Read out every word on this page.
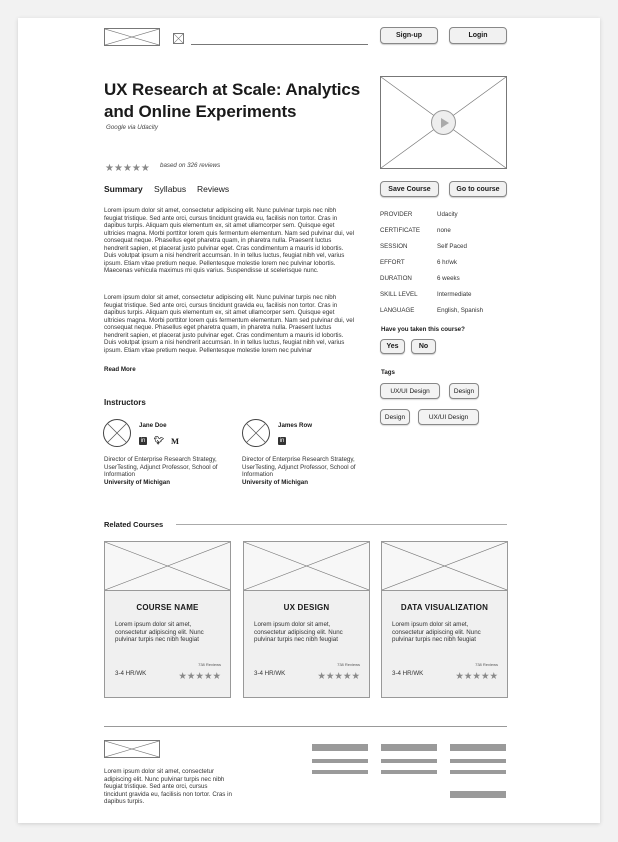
Sign-up	Login
UX Research at Scale: Analytics
and Online Experiments
Google via Udacity
★★★★★ based on 326 reviews
Summary Syllabus Reviews
Lorem ipsum dolor sit amet, consectetur adipiscing elit. Nunc pulvinar turpis nec nibh feugiat tristique. Sed ante orci, cursus tincidunt gravida eu, facilisis non tortor. Cras in dapibus turpis. Aliquam quis elementum ex, sit amet ullamcorper sem. Quisque eget ultricies magna. Morbi porttitor lorem quis fermentum elementum. Nam sed pulvinar dui, vel consequat neque. Phasellus eget pharetra quam, in pharetra nulla. Praesent luctus hendrerit sapien, et placerat justo pulvinar eget. Cras condimentum a mauris id lobortis. Duis volutpat ipsum a nisi hendrerit accumsan. In in tellus luctus, feugiat nibh vel, varius ipsum. Etiam vitae pretium neque. Pellentesque molestie lorem nec pulvinar lobortis. Maecenas vehicula maximus mi quis varius. Suspendisse ut scelerisque nunc.
Lorem ipsum dolor sit amet, consectetur adipiscing elit. Nunc pulvinar turpis nec nibh feugiat tristique. Sed ante orci, cursus tincidunt gravida eu, facilisis non tortor. Cras in dapibus turpis. Aliquam quis elementum ex, sit amet ullamcorper sem. Quisque eget ultricies magna. Morbi porttitor lorem quis fermentum elementum. Nam sed pulvinar dui, vel consequat neque. Phasellus eget pharetra quam, in pharetra nulla. Praesent luctus hendrerit sapien, et placerat justo pulvinar eget. Cras condimentum a mauris id lobortis. Duis volutpat ipsum a nisi hendrerit accumsan. In in tellus luctus, feugiat nibh vel, varius ipsum. Etiam vitae pretium neque. Pellentesque molestie lorem nec pulvinar
Read More
Instructors
Jane Doe
in 🐦︎ M
Director of Enterprise Research Strategy, UserTesting, Adjunct Professor, School of Information
University of Michigan
James Row
in
Director of Enterprise Research Strategy, UserTesting, Adjunct Professor, School of Information
University of Michigan
Save Course	Go to course
PROVIDER	Udacity
CERTIFICATE	none
SESSION	Self Paced
EFFORT	6 hr/wk
DURATION	6 weeks
SKILL LEVEL	Intermediate
LANGUAGE	English, Spanish
Have you taken this course?
Yes	No
Tags
UX/UI Design	Design
Design	UX/UI Design
Related Courses
COURSE NAME
Lorem ipsum dolor sit amet, consectetur adipiscing elit. Nunc pulvinar turpis nec nibh feugiat
738 Reviews
3-4 HR/WK	★★★★★
UX DESIGN
Lorem ipsum dolor sit amet, consectetur adipiscing elit. Nunc pulvinar turpis nec nibh feugiat
738 Reviews
3-4 HR/WK	★★★★★
DATA VISUALIZATION
Lorem ipsum dolor sit amet, consectetur adipiscing elit. Nunc pulvinar turpis nec nibh feugiat
738 Reviews
3-4 HR/WK	★★★★★
Lorem ipsum dolor sit amet, consectetur adipiscing elit. Nunc pulvinar turpis nec nibh feugiat tristique. Sed ante orci, cursus tincidunt gravida eu, facilisis non tortor. Cras in dapibus turpis.
